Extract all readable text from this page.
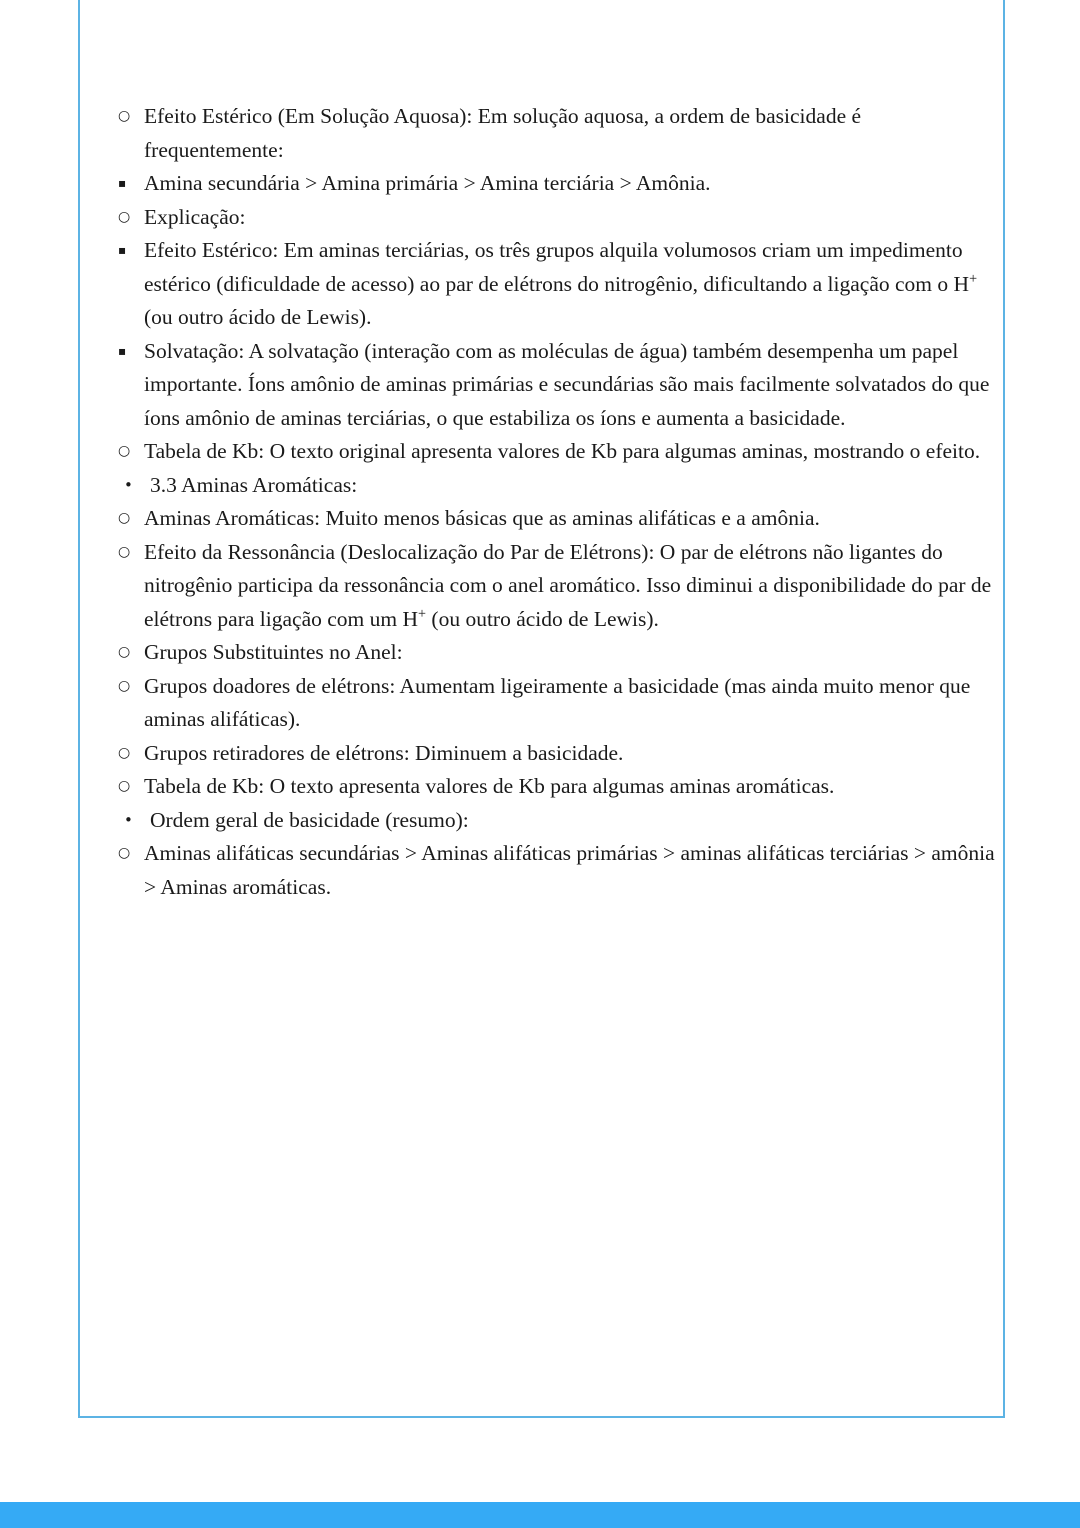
○ Efeito Estérico (Em Solução Aquosa): Em solução aquosa, a ordem de basicidade é frequentemente:
▪ Amina secundária > Amina primária > Amina terciária > Amônia.
○ Explicação:
▪ Efeito Estérico: Em aminas terciárias, os três grupos alquila volumosos criam um impedimento estérico (dificuldade de acesso) ao par de elétrons do nitrogênio, dificultando a ligação com o H+ (ou outro ácido de Lewis).
▪ Solvatação: A solvatação (interação com as moléculas de água) também desempenha um papel importante. Íons amônio de aminas primárias e secundárias são mais facilmente solvatados do que íons amônio de aminas terciárias, o que estabiliza os íons e aumenta a basicidade.
○ Tabela de Kb: O texto original apresenta valores de Kb para algumas aminas, mostrando o efeito.
• 3.3 Aminas Aromáticas:
○ Aminas Aromáticas: Muito menos básicas que as aminas alifáticas e a amônia.
○ Efeito da Ressonância (Deslocalização do Par de Elétrons): O par de elétrons não ligantes do nitrogênio participa da ressonância com o anel aromático. Isso diminui a disponibilidade do par de elétrons para ligação com um H+ (ou outro ácido de Lewis).
○ Grupos Substituintes no Anel:
○ Grupos doadores de elétrons: Aumentam ligeiramente a basicidade (mas ainda muito menor que aminas alifáticas).
○ Grupos retiradores de elétrons: Diminuem a basicidade.
○ Tabela de Kb: O texto apresenta valores de Kb para algumas aminas aromáticas.
• Ordem geral de basicidade (resumo):
○ Aminas alifáticas secundárias > Aminas alifáticas primárias > aminas alifáticas terciárias > amônia > Aminas aromáticas.
